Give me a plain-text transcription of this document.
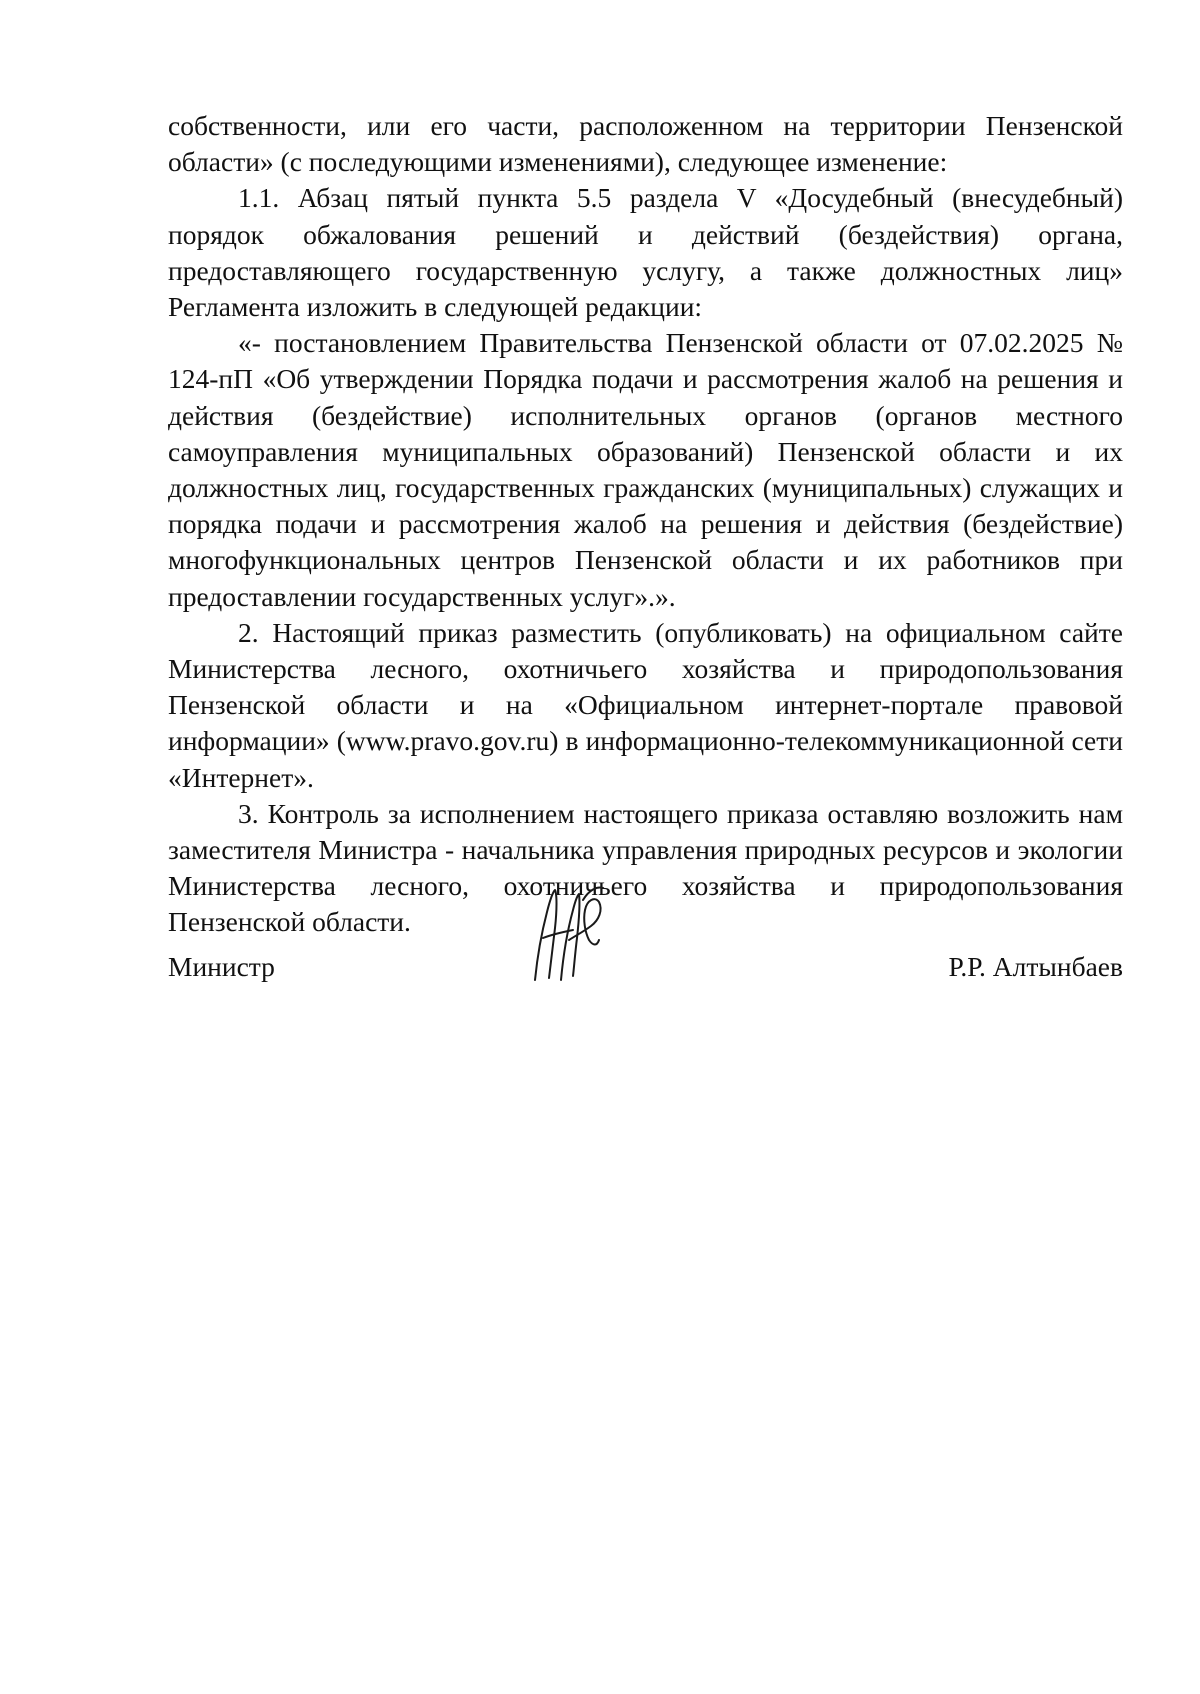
собственности, или его части, расположенном на территории Пензенской области» (с последующими изменениями), следующее изменение:

1.1. Абзац пятый пункта 5.5 раздела V «Досудебный (внесудебный) порядок обжалования решений и действий (бездействия) органа, предоставляющего государственную услугу, а также должностных лиц» Регламента изложить в следующей редакции:

«- постановлением Правительства Пензенской области от 07.02.2025 № 124-пП «Об утверждении Порядка подачи и рассмотрения жалоб на решения и действия (бездействие) исполнительных органов (органов местного самоуправления муниципальных образований) Пензенской области и их должностных лиц, государственных гражданских (муниципальных) служащих и порядка подачи и рассмотрения жалоб на решения и действия (бездействие) многофункциональных центров Пензенской области и их работников при предоставлении государственных услуг».».

2. Настоящий приказ разместить (опубликовать) на официальном сайте Министерства лесного, охотничьего хозяйства и природопользования Пензенской области и на «Официальном интернет-портале правовой информации» (www.pravo.gov.ru) в информационно-телекоммуникационной сети «Интернет».

3. Контроль за исполнением настоящего приказа оставляю возложить нам заместителя Министра - начальника управления природных ресурсов и экологии Министерства лесного, охотничьего хозяйства и природопользования Пензенской области.

Министр	Р.Р. Алтынбаев
